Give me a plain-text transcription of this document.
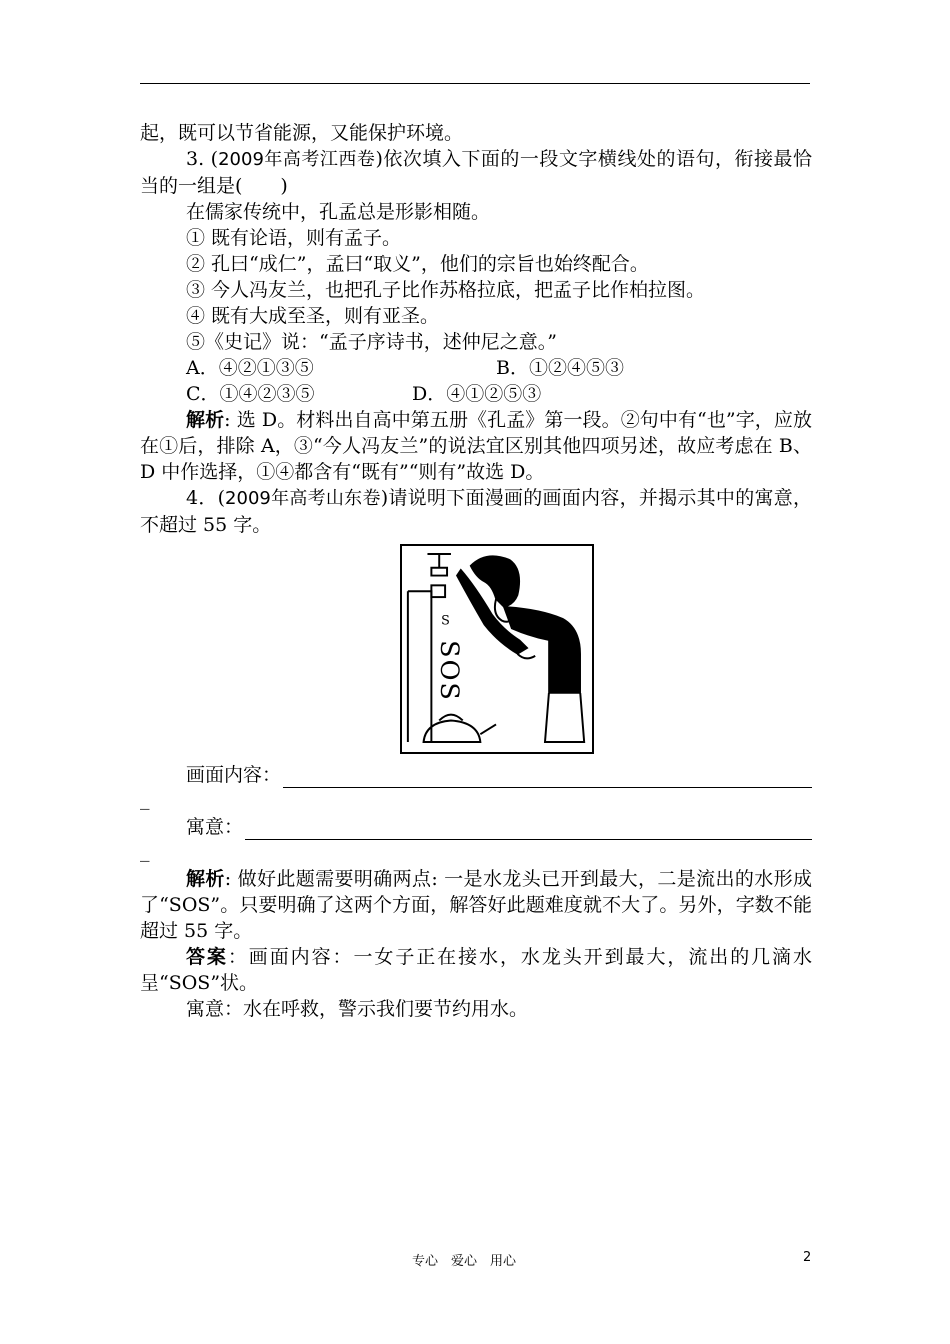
起，既可以节省能源，又能保护环境。

3. (2009年高考江西卷)依次填入下面的一段文字横线处的语句，衔接最恰当的一组是(　　)

在儒家传统中，孔孟总是形影相随。

① 既有论语，则有孟子。

② 孔曰“成仁”，孟曰“取义”，他们的宗旨也始终配合。

③ 今人冯友兰，也把孔子比作苏格拉底，把孟子比作柏拉图。

④ 既有大成至圣，则有亚圣。

⑤《史记》说：“孟子序诗书，述仲尼之意。”

A．④②①③⑤	B．①②④⑤③
C．①④②③⑤	D．④①②⑤③

解析: 选 D。材料出自高中第五册《孔孟》第一段。②句中有“也”字，应放在①后，排除 A，③“今人冯友兰”的说法宜区别其他四项另述，故应考虑在 B、D 中作选择，①④都含有“既有”“则有”故选 D。

4．(2009年高考山东卷)请说明下面漫画的画面内容，并揭示其中的寓意，不超过 55 字。

S
SOS
画面内容：

_

寓意：

_

解析: 做好此题需要明确两点: 一是水龙头已开到最大，二是流出的水形成了“SOS”。只要明确了这两个方面，解答好此题难度就不大了。另外，字数不能超过 55 字。

答案：画面内容：一女子正在接水，水龙头开到最大，流出的几滴水呈“SOS”状。

寓意：水在呼救，警示我们要节约用水。

专心　爱心　用心	2
